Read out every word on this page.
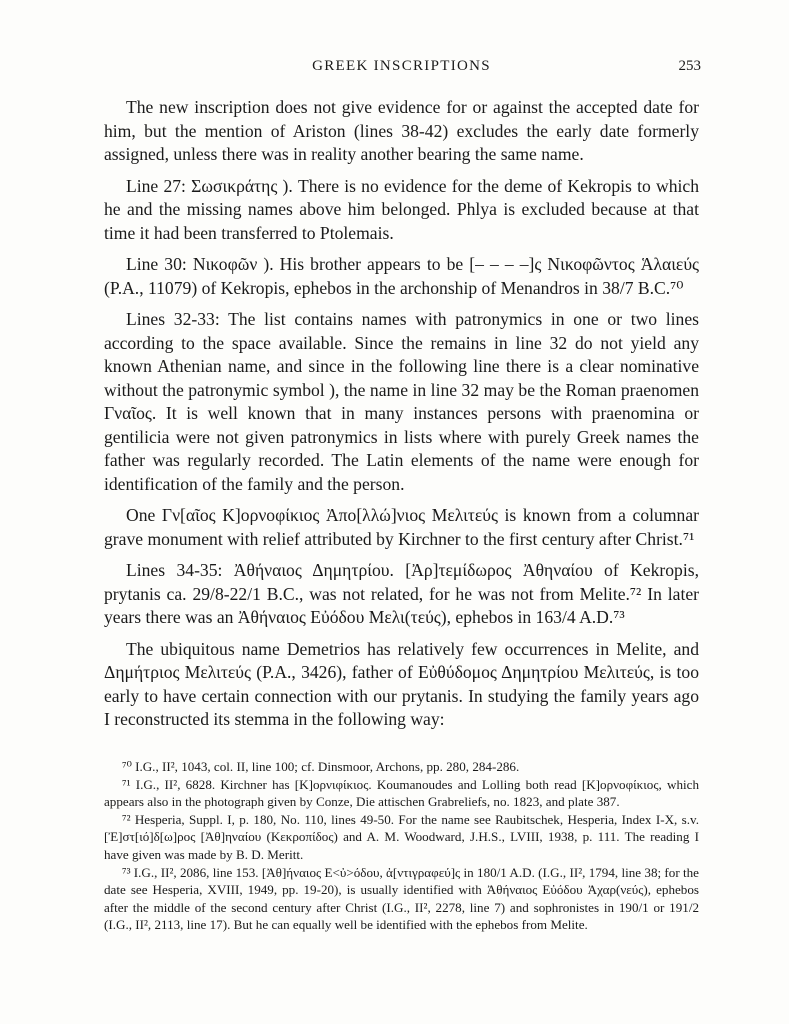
GREEK INSCRIPTIONS	253

The new inscription does not give evidence for or against the accepted date for him, but the mention of Ariston (lines 38-42) excludes the early date formerly assigned, unless there was in reality another bearing the same name.

Line 27: Σωσικράτης ). There is no evidence for the deme of Kekropis to which he and the missing names above him belonged. Phlya is excluded because at that time it had been transferred to Ptolemais.

Line 30: Νικοφῶν ). His brother appears to be [– – – –]ς Νικοφῶντος Ἁλαιεύς (P.A., 11079) of Kekropis, ephebos in the archonship of Menandros in 38/7 B.C.⁷⁰

Lines 32-33: The list contains names with patronymics in one or two lines according to the space available. Since the remains in line 32 do not yield any known Athenian name, and since in the following line there is a clear nominative without the patronymic symbol ), the name in line 32 may be the Roman praenomen Γναῖος. It is well known that in many instances persons with praenomina or gentilicia were not given patronymics in lists where with purely Greek names the father was regularly recorded. The Latin elements of the name were enough for identification of the family and the person.

One Γν[αῖος Κ]ορνοφίκιος Ἀπο[λλώ]νιος Μελιτεύς is known from a columnar grave monument with relief attributed by Kirchner to the first century after Christ.⁷¹

Lines 34-35: Ἀθήναιος Δημητρίου. [Ἀρ]τεμίδωρος Ἀθηναίου of Kekropis, prytanis ca. 29/8-22/1 B.C., was not related, for he was not from Melite.⁷² In later years there was an Ἀθήναιος Εὐόδου Μελι(τεύς), ephebos in 163/4 A.D.⁷³

The ubiquitous name Demetrios has relatively few occurrences in Melite, and Δημήτριος Μελιτεύς (P.A., 3426), father of Εὐθύδομος Δημητρίου Μελιτεύς, is too early to have certain connection with our prytanis. In studying the family years ago I reconstructed its stemma in the following way:

⁷⁰ I.G., II², 1043, col. II, line 100; cf. Dinsmoor, Archons, pp. 280, 284-286.

⁷¹ I.G., II², 6828. Kirchner has [Κ]ορνιφίκιος. Koumanoudes and Lolling both read [Κ]ορνοφίκιος, which appears also in the photograph given by Conze, Die attischen Grabreliefs, no. 1823, and plate 387.

⁷² Hesperia, Suppl. I, p. 180, No. 110, lines 49-50. For the name see Raubitschek, Hesperia, Index I-X, s.v. [Ἐ]στ[ιό]δ[ω]ρος [Ἀθ]ηναίου (Κεκροπίδος) and A. M. Woodward, J.H.S., LVIII, 1938, p. 111. The reading I have given was made by B. D. Meritt.

⁷³ I.G., II², 2086, line 153. [Ἀθ]ήναιος Ε<ὐ>όδου, ἀ[ντιγραφεύ]ς in 180/1 A.D. (I.G., II², 1794, line 38; for the date see Hesperia, XVIII, 1949, pp. 19-20), is usually identified with Ἀθήναιος Εὐόδου Ἀχαρ(νεύς), ephebos after the middle of the second century after Christ (I.G., II², 2278, line 7) and sophronistes in 190/1 or 191/2 (I.G., II², 2113, line 17). But he can equally well be identified with the ephebos from Melite.
